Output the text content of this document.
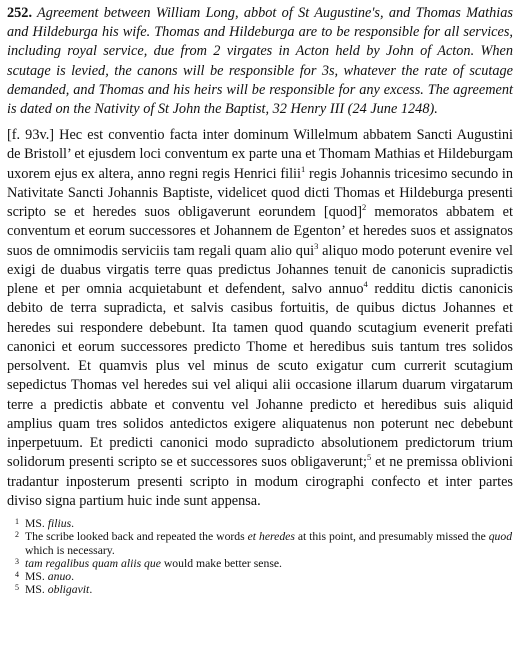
252. Agreement between William Long, abbot of St Augustine's, and Thomas Mathias and Hildeburga his wife. Thomas and Hildeburga are to be responsible for all services, including royal service, due from 2 virgates in Acton held by John of Acton. When scutage is levied, the canons will be responsible for 3s, whatever the rate of scutage demanded, and Thomas and his heirs will be responsible for any excess. The agreement is dated on the Nativity of St John the Baptist, 32 Henry III (24 June 1248).

[f. 93v.] Hec est conventio facta inter dominum Willelmum abbatem Sancti Augustini de Bristoll’ et ejusdem loci conventum ex parte una et Thomam Mathias et Hildeburgam uxorem ejus ex altera, anno regni regis Henrici filii$^1$ regis Johannis tricesimo secundo in Nativitate Sancti Johannis Baptiste, videlicet quod dicti Thomas et Hildeburga presenti scripto se et heredes suos obligaverunt eorundem [quod]$^2$ memoratos abbatem et conventum et eorum successores et Johannem de Egenton’ et heredes suos et assignatos suos de omnimodis serviciis tam regali quam alio qui$^3$ aliquo modo poterunt evenire vel exigi de duabus virgatis terre quas predictus Johannes tenuit de canonicis supradictis plene et per omnia acquietabunt et defendent, salvo annuo$^4$ redditu dictis canonicis debito de terra supradicta, et salvis casibus fortuitis, de quibus dictus Johannes et heredes sui respondere debebunt. Ita tamen quod quando scutagium evenerit prefati canonici et eorum successores predicto Thome et heredibus suis tantum tres solidos persolvent. Et quamvis plus vel minus de scuto exigatur cum currerit scutagium sepedictus Thomas vel heredes sui vel aliqui alii occasione illarum duarum virgatarum terre a predictis abbate et conventu vel Johanne predicto et heredibus suis aliquid amplius quam tres solidos antedictos exigere aliquatenus non poterunt nec debebunt inperpetuum. Et predicti canonici modo supradicto absolutionem predictorum trium solidorum presenti scripto se et successores suos obligaverunt;$^5$ et ne premissa oblivioni tradantur inposterum presenti scripto in modum cirographi confecto et inter partes diviso signa partium huic inde sunt appensa.

1 MS. filius.
2 The scribe looked back and repeated the words et heredes at this point, and presumably missed the quod which is necessary.
3 tam regalibus quam aliis que would make better sense.
4 MS. anuo.
5 MS. obligavit.
